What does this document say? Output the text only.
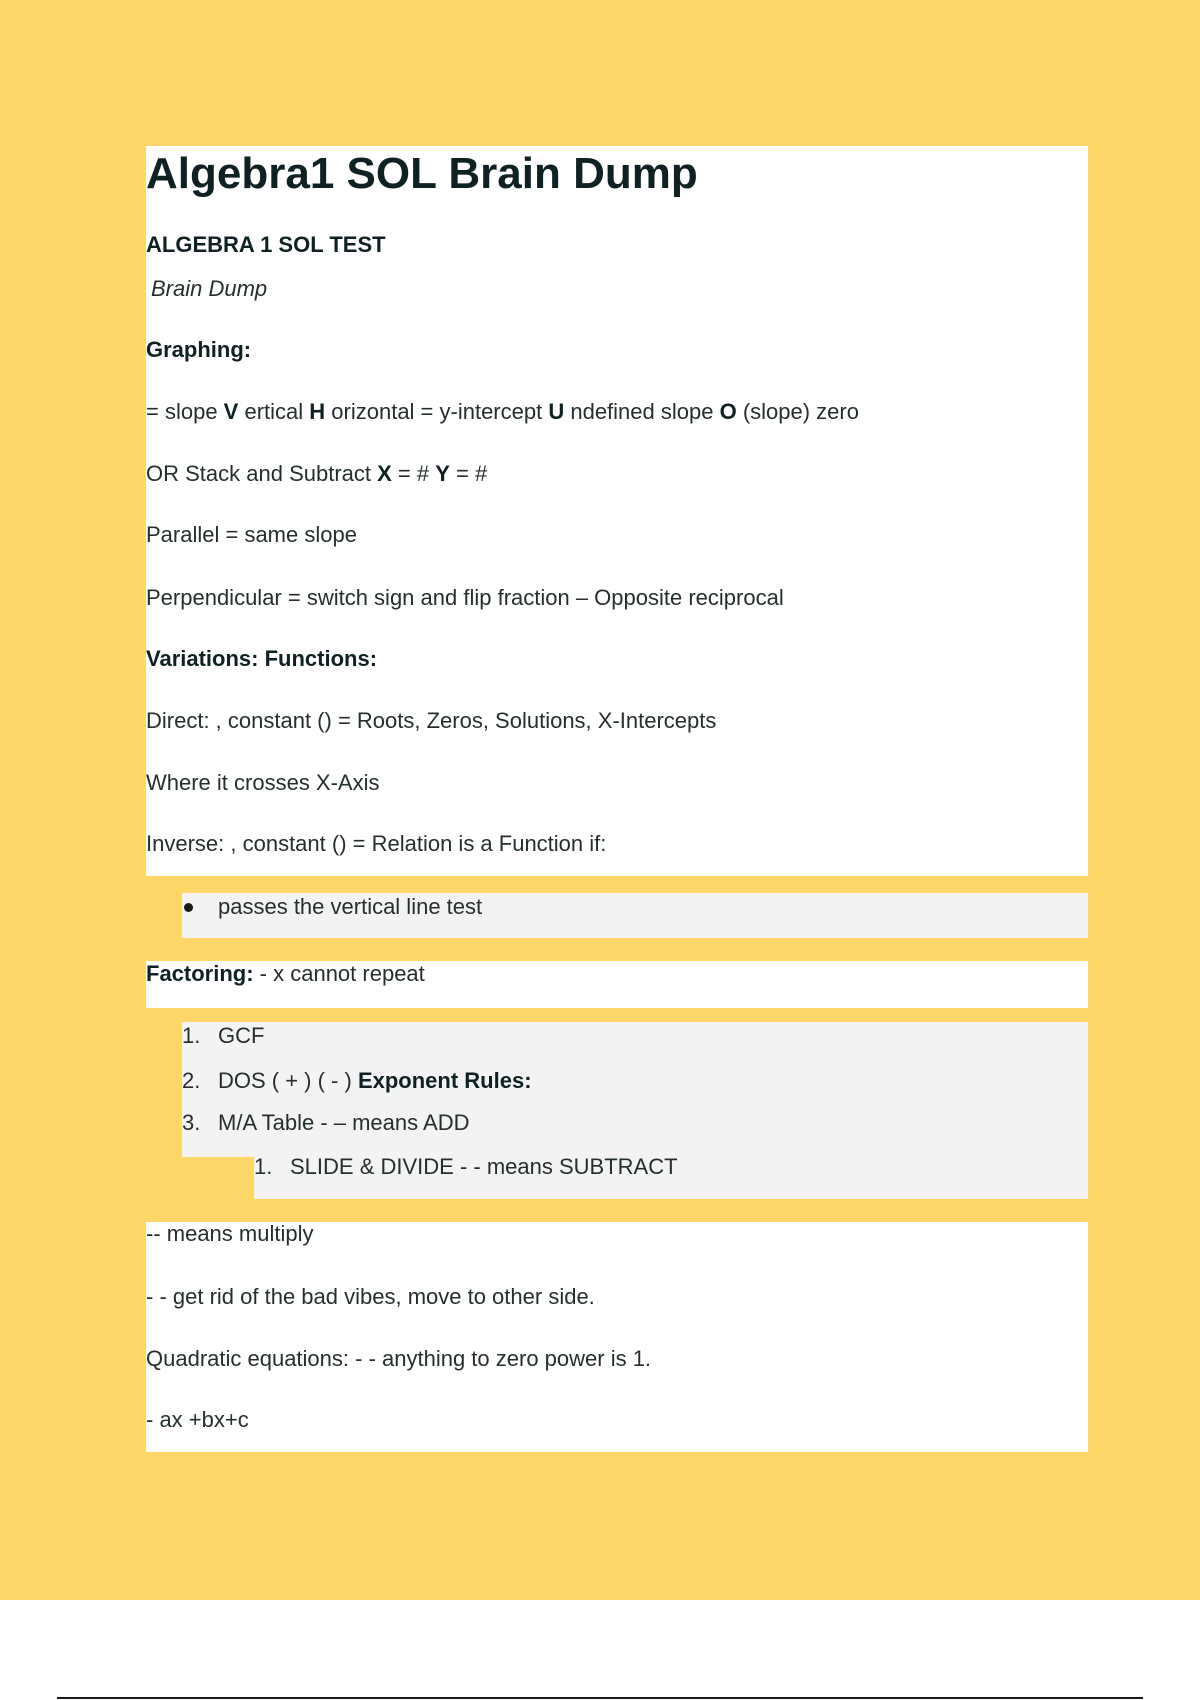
Algebra1 SOL Brain Dump
ALGEBRA 1 SOL TEST
Brain Dump
Graphing:
= slope V ertical H orizontal = y-intercept U ndefined slope O (slope) zero
OR Stack and Subtract X = # Y = #
Parallel = same slope
Perpendicular = switch sign and flip fraction – Opposite reciprocal
Variations: Functions:
Direct: , constant () = Roots, Zeros, Solutions, X-Intercepts
Where it crosses X-Axis
Inverse: , constant () = Relation is a Function if:
passes the vertical line test
Factoring: - x cannot repeat
1. GCF
2. DOS ( + ) ( - ) Exponent Rules:
3. M/A Table - – means ADD
1. SLIDE & DIVIDE - - means SUBTRACT
-- means multiply
- - get rid of the bad vibes, move to other side.
Quadratic equations: - - anything to zero power is 1.
- ax +bx+c
